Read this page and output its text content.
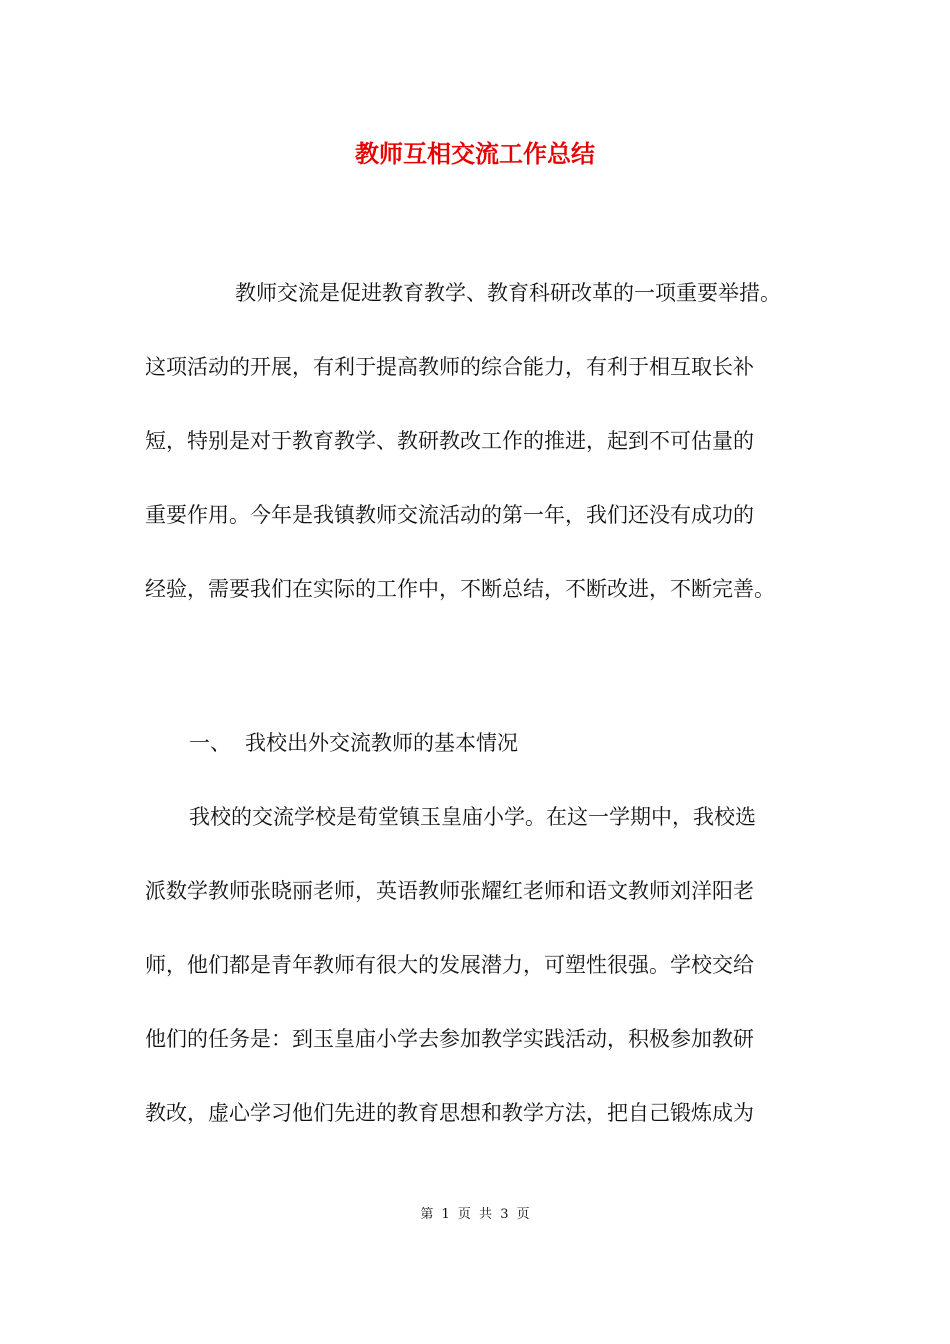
教师互相交流工作总结
教师交流是促进教育教学、教育科研改革的一项重要举措。
这项活动的开展，有利于提高教师的综合能力，有利于相互取长补
短，特别是对于教育教学、教研教改工作的推进，起到不可估量的
重要作用。今年是我镇教师交流活动的第一年，我们还没有成功的
经验，需要我们在实际的工作中，不断总结，不断改进，不断完善。
一、 我校出外交流教师的基本情况
我校的交流学校是荀堂镇玉皇庙小学。在这一学期中，我校选
派数学教师张晓丽老师，英语教师张耀红老师和语文教师刘洋阳老
师，他们都是青年教师有很大的发展潜力，可塑性很强。学校交给
他们的任务是：到玉皇庙小学去参加教学实践活动，积极参加教研
教改，虚心学习他们先进的教育思想和教学方法，把自己锻炼成为
第 1 页 共 3 页
